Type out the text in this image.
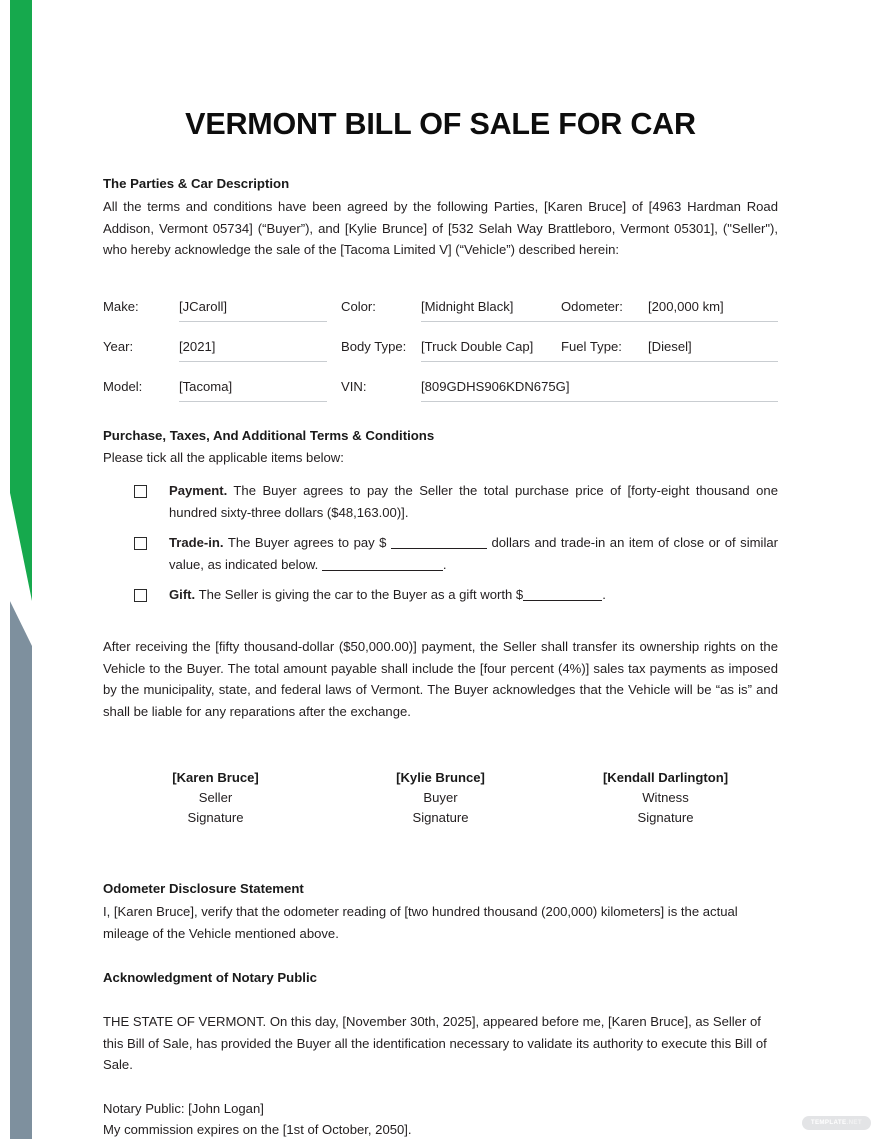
VERMONT BILL OF SALE FOR CAR
The Parties & Car Description

All the terms and conditions have been agreed by the following Parties, [Karen Bruce] of [4963 Hardman Road Addison, Vermont 05734] (“Buyer”), and [Kylie Brunce] of [532 Selah Way Brattleboro, Vermont 05301], ("Seller"), who hereby acknowledge the sale of the [Tacoma Limited V] (“Vehicle”) described herein:

Make:	[JCaroll]		Color:	[Midnight Black]	Odometer:	[200,000 km]

Year:	[2021]		Body Type:	[Truck Double Cap]	Fuel Type:	[Diesel]

Model:	[Tacoma]		VIN:	[809GDHS906KDN675G]		
Purchase, Taxes, And Additional Terms & Conditions

Please tick all the applicable items below:

Payment. The Buyer agrees to pay the Seller the total purchase price of [forty-eight thousand one hundred sixty-three dollars ($48,163.00)].
Trade-in. The Buyer agrees to pay $	dollars and trade-in an item of close or of similar value, as indicated below.	.
Gift. The Seller is giving the car to the Buyer as a gift worth $	.

After receiving the [fifty thousand-dollar ($50,000.00)] payment, the Seller shall transfer its ownership rights on the Vehicle to the Buyer. The total amount payable shall include the [four percent (4%)] sales tax payments as imposed by the municipality, state, and federal laws of Vermont. The Buyer acknowledges that the Vehicle will be “as is” and shall be liable for any reparations after the exchange.

[Karen Bruce]
Seller
Signature
[Kylie Brunce]
Buyer
Signature
[Kendall Darlington]
Witness
Signature
Odometer Disclosure Statement

I, [Karen Bruce], verify that the odometer reading of [two hundred thousand (200,000) kilometers] is the actual mileage of the Vehicle mentioned above.

Acknowledgment of Notary Public

THE STATE OF VERMONT. On this day, [November 30th, 2025], appeared before me, [Karen Bruce], as Seller of this Bill of Sale, has provided the Buyer all the identification necessary to validate its authority to execute this Bill of Sale.

Notary Public: [John Logan]

My commission expires on the [1st of October, 2050].	TEMPLATE.NET
